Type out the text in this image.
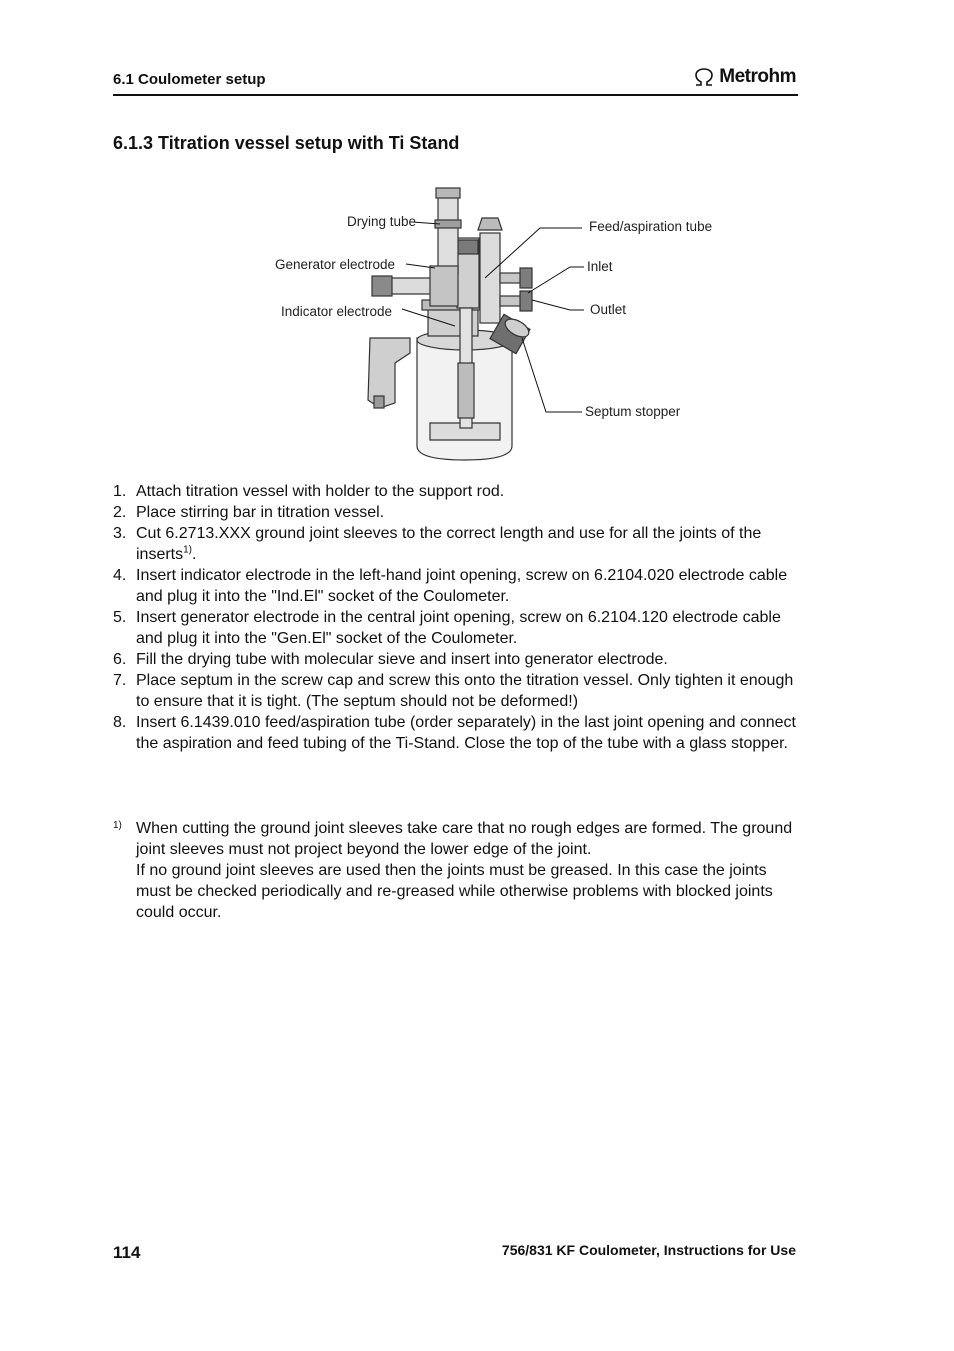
6.1 Coulometer setup	Metrohm
6.1.3 Titration vessel setup with Ti Stand
Drying tube
Generator electrode
Indicator electrode
Feed/aspiration tube
Inlet
Outlet
Septum stopper
1. Attach titration vessel with holder to the support rod.
2. Place stirring bar in titration vessel.
3. Cut 6.2713.XXX ground joint sleeves to the correct length and use for all the joints of the inserts$^{1)}$.
4. Insert indicator electrode in the left-hand joint opening, screw on 6.2104.020 electrode cable and plug it into the "Ind.El" socket of the Coulometer.
5. Insert generator electrode in the central joint opening, screw on 6.2104.120 electrode cable and plug it into the "Gen.El" socket of the Coulometer.
6. Fill the drying tube with molecular sieve and insert into generator electrode.
7. Place septum in the screw cap and screw this onto the titration vessel. Only tighten it enough to ensure that it is tight. (The septum should not be deformed!)
8. Insert 6.1439.010 feed/aspiration tube (order separately) in the last joint opening and connect the aspiration and feed tubing of the Ti-Stand. Close the top of the tube with a glass stopper.
1) When cutting the ground joint sleeves take care that no rough edges are formed. The ground joint sleeves must not project beyond the lower edge of the joint.
If no ground joint sleeves are used then the joints must be greased. In this case the joints must be checked periodically and re-greased while otherwise problems with blocked joints could occur.
114	756/831 KF Coulometer, Instructions for Use
